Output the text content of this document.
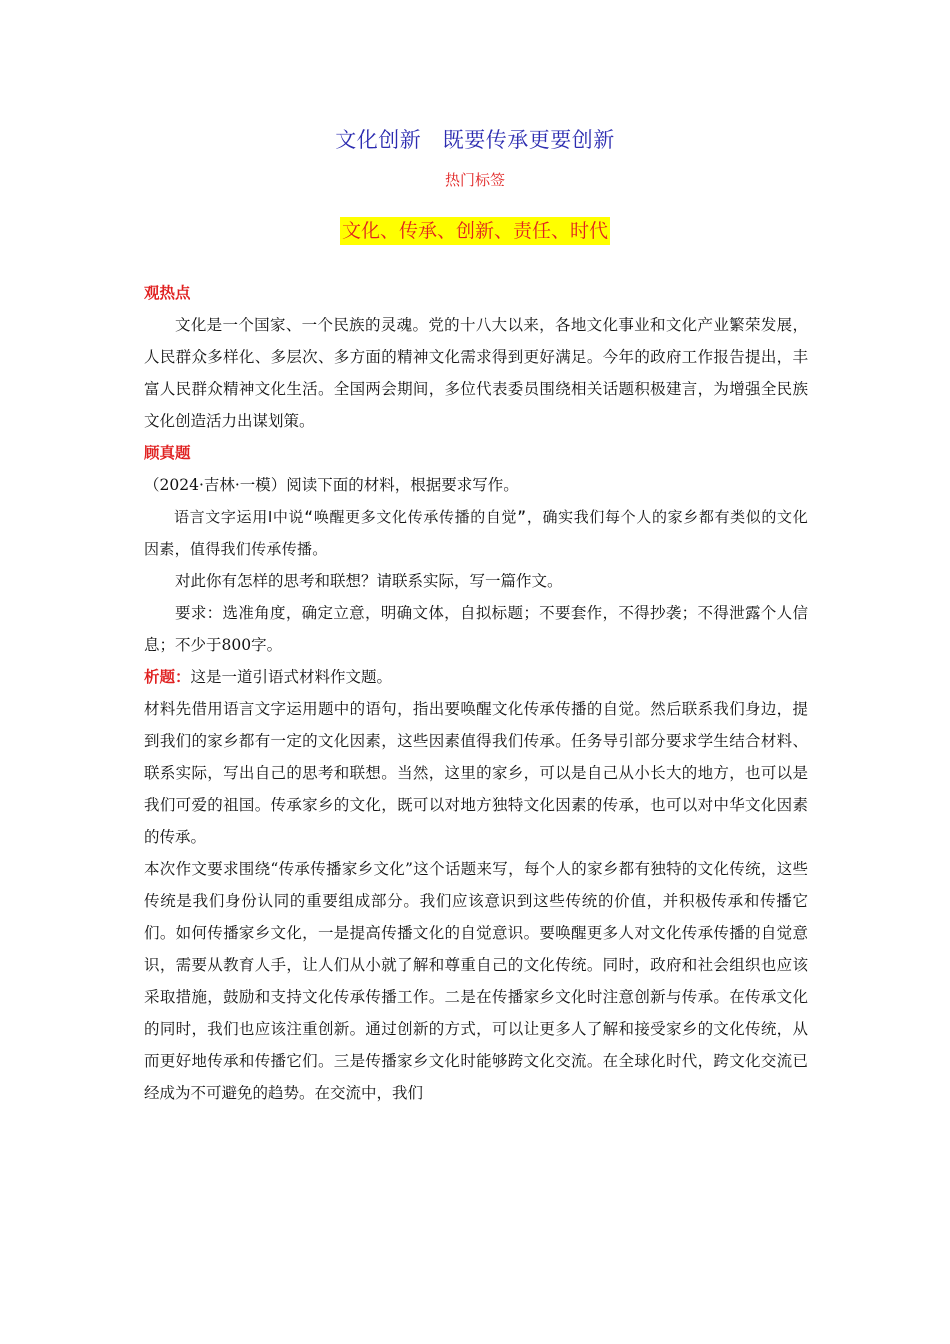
文化创新　既要传承更要创新
热门标签
文化、传承、创新、责任、时代

观热点

文化是一个国家、一个民族的灵魂。党的十八大以来，各地文化事业和文化产业繁荣发展，人民群众多样化、多层次、多方面的精神文化需求得到更好满足。今年的政府工作报告提出，丰富人民群众精神文化生活。全国两会期间，多位代表委员围绕相关话题积极建言，为增强全民族文化创造活力出谋划策。

顾真题

（2024·吉林·一模）阅读下面的材料，根据要求写作。

语言文字运用Ⅰ中说“唤醒更多文化传承传播的自觉”，确实我们每个人的家乡都有类似的文化因素，值得我们传承传播。

对此你有怎样的思考和联想？请联系实际，写一篇作文。

要求：选准角度，确定立意，明确文体，自拟标题；不要套作，不得抄袭；不得泄露个人信息；不少于800字。

析题：这是一道引语式材料作文题。

材料先借用语言文字运用题中的语句，指出要唤醒文化传承传播的自觉。然后联系我们身边，提到我们的家乡都有一定的文化因素，这些因素值得我们传承。任务导引部分要求学生结合材料、联系实际，写出自己的思考和联想。当然，这里的家乡，可以是自己从小长大的地方，也可以是我们可爱的祖国。传承家乡的文化，既可以对地方独特文化因素的传承，也可以对中华文化因素的传承。

本次作文要求围绕“传承传播家乡文化”这个话题来写，每个人的家乡都有独特的文化传统，这些传统是我们身份认同的重要组成部分。我们应该意识到这些传统的价值，并积极传承和传播它们。如何传播家乡文化，一是提高传播文化的自觉意识。要唤醒更多人对文化传承传播的自觉意识，需要从教育人手，让人们从小就了解和尊重自己的文化传统。同时，政府和社会组织也应该采取措施，鼓励和支持文化传承传播工作。二是在传播家乡文化时注意创新与传承。在传承文化的同时，我们也应该注重创新。通过创新的方式，可以让更多人了解和接受家乡的文化传统，从而更好地传承和传播它们。三是传播家乡文化时能够跨文化交流。在全球化时代，跨文化交流已经成为不可避免的趋势。在交流中，我们
